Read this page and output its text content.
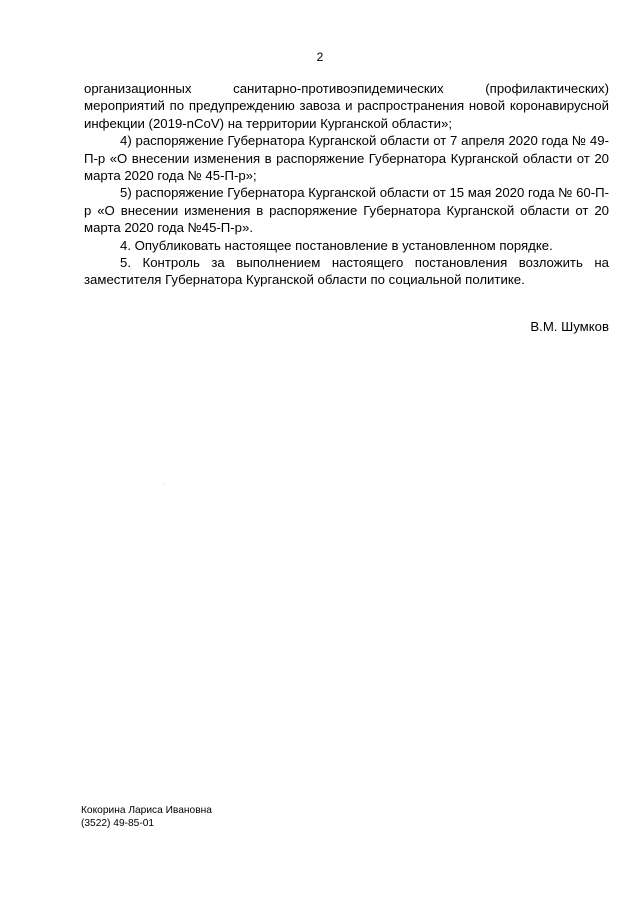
2

организационных санитарно-противоэпидемических (профилактических) мероприятий по предупреждению завоза и распространения новой коронавирусной инфекции (2019-nCoV) на территории Курганской области»;

4) распоряжение Губернатора Курганской области от 7 апреля 2020 года № 49-П-р «О внесении изменения в распоряжение Губернатора Курганской области от 20 марта 2020 года № 45-П-р»;

5) распоряжение Губернатора Курганской области от 15 мая 2020 года № 60-П-р «О внесении изменения в распоряжение Губернатора Курганской области от 20 марта 2020 года №45-П-р».

4. Опубликовать настоящее постановление в установленном порядке.

5. Контроль за выполнением настоящего постановления возложить на заместителя Губернатора Курганской области по социальной политике.

В.М. Шумков
Кокорина Лариса Ивановна
(3522) 49-85-01
